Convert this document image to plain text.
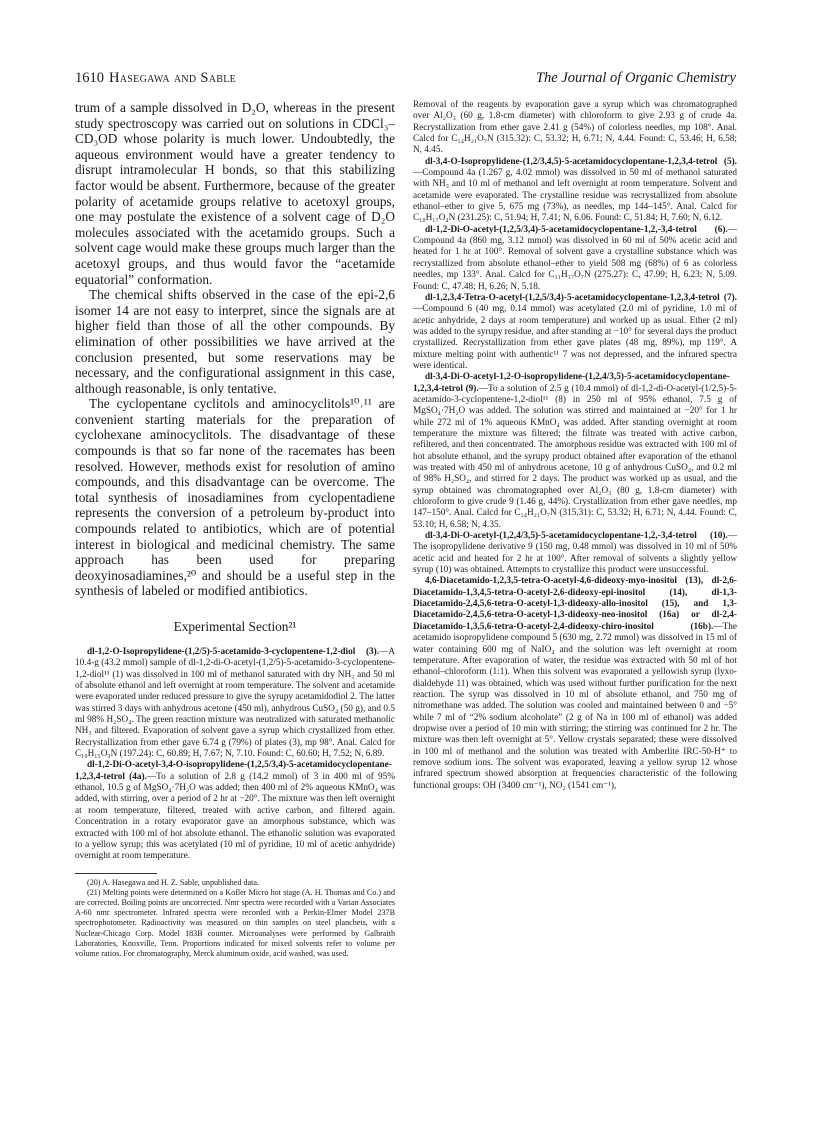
1610 Hasegawa and Sable	The Journal of Organic Chemistry

trum of a sample dissolved in D₂O, whereas in the present study spectroscopy was carried out on solutions in CDCl₃–CD₃OD whose polarity is much lower. Undoubtedly, the aqueous environment would have a greater tendency to disrupt intramolecular H bonds, so that this stabilizing factor would be absent. Furthermore, because of the greater polarity of acetamide groups relative to acetoxyl groups, one may postulate the existence of a solvent cage of D₂O molecules associated with the acetamido groups. Such a solvent cage would make these groups much larger than the acetoxyl groups, and thus would favor the “acetamide equatorial” conformation.

The chemical shifts observed in the case of the epi-2,6 isomer 14 are not easy to interpret, since the signals are at higher field than those of all the other compounds. By elimination of other possibilities we have arrived at the conclusion presented, but some reservations may be necessary, and the configurational assignment in this case, although reasonable, is only tentative.

The cyclopentane cyclitols and aminocyclitols¹⁰˒¹¹ are convenient starting materials for the preparation of cyclohexane aminocyclitols. The disadvantage of these compounds is that so far none of the racemates has been resolved. However, methods exist for resolution of amino compounds, and this disadvantage can be overcome. The total synthesis of inosadiamines from cyclopentadiene represents the conversion of a petroleum by-product into compounds related to antibiotics, which are of potential interest in biological and medicinal chemistry. The same approach has been used for preparing deoxyinosadiamines,²⁰ and should be a useful step in the synthesis of labeled or modified antibiotics.

Experimental Section²¹

dl-1,2-O-Isopropylidene-(1,2/5)-5-acetamido-3-cyclopentene-1,2-diol (3).—A 10.4-g (43.2 mmol) sample of dl-1,2-di-O-acetyl-(1,2/5)-5-acetamido-3-cyclopentene-1,2-diol¹¹ (1) was dissolved in 100 ml of methanol saturated with dry NH₃ and 50 ml of absolute ethanol and left overnight at room temperature. The solvent and acetamide were evaporated under reduced pressure to give the syrupy acetamidodiol 2. The latter was stirred 3 days with anhydrous acetone (450 ml), anhydrous CuSO₄ (50 g), and 0.5 ml 98% H₂SO₄. The green reaction mixture was neutralized with saturated methanolic NH₃ and filtered. Evaporation of solvent gave a syrup which crystallized from ether. Recrystallization from ether gave 6.74 g (79%) of plates (3), mp 98°. Anal. Calcd for C₁₀H₁₅O₃N (197.24): C, 60.89; H, 7.67; N, 7.10. Found: C, 60.60; H, 7.52; N, 6.89.

dl-1,2-Di-O-acetyl-3,4-O-isopropylidene-(1,2,5/3,4)-5-acetamidocyclopentane-1,2,3,4-tetrol (4a).—To a solution of 2.8 g (14.2 mmol) of 3 in 400 ml of 95% ethanol, 10.5 g of MgSO₄·7H₂O was added; then 400 ml of 2% aqueous KMnO₄ was added, with stirring, over a period of 2 hr at −20°. The mixture was then left overnight at room temperature, filtered, treated with active carbon, and filtered again. Concentration in a rotary evaporator gave an amorphous substance, which was extracted with 100 ml of hot absolute ethanol. The ethanolic solution was evaporated to a yellow syrup; this was acetylated (10 ml of pyridine, 10 ml of acetic anhydride) overnight at room temperature.

(20) A. Hasegawa and H. Z. Sable, unpublished data.

(21) Melting points were determined on a Kofler Micro hot stage (A. H. Thomas and Co.) and are corrected. Boiling points are uncorrected. Nmr spectra were recorded with a Varian Associates A-60 nmr spectrometer. Infrared spectra were recorded with a Perkin-Elmer Model 237B spectrophotometer. Radioactivity was measured on thin samples on steel planchets, with a Nuclear-Chicago Corp. Model 183B counter. Microanalyses were performed by Galbraith Laboratories, Knoxville, Tenn. Proportions indicated for mixed solvents refer to volume per volume ratios. For chromatography, Merck aluminum oxide, acid washed, was used.

Removal of the reagents by evaporation gave a syrup which was chromatographed over Al₂O₃ (60 g, 1.8-cm diameter) with chloroform to give 2.93 g of crude 4a. Recrystallization from ether gave 2.41 g (54%) of colorless needles, mp 108°. Anal. Calcd for C₁₄H₂₁O₇N (315.32): C, 53.32; H, 6.71; N, 4.44. Found: C, 53.46; H, 6.58; N, 4.45.

dl-3,4-O-Isopropylidene-(1,2/3,4,5)-5-acetamidocyclopentane-1,2,3,4-tetrol (5).—Compound 4a (1.267 g, 4.02 mmol) was dissolved in 50 ml of methanol saturated with NH₃ and 10 ml of methanol and left overnight at room temperature. Solvent and acetamide were evaporated. The crystalline residue was recrystallized from absolute ethanol–ether to give 5, 675 mg (73%), as needles, mp 144–145°. Anal. Calcd for C₁₀H₁₇O₄N (231.25): C, 51.94; H, 7.41; N, 6.06. Found: C, 51.84; H, 7.60; N, 6.12.

dl-1,2-Di-O-acetyl-(1,2,5/3,4)-5-acetamidocyclopentane-1,2,-3,4-tetrol (6).—Compound 4a (860 mg, 3.12 mmol) was dissolved in 60 ml of 50% acetic acid and heated for 1 hr at 100°. Removal of solvent gave a crystalline substance which was recrystallized from absolute ethanol–ether to yield 508 mg (68%) of 6 as colorless needles, mp 133°. Anal. Calcd for C₁₁H₁₇O₇N (275.27): C, 47.99; H, 6.23; N, 5.09. Found: C, 47.48; H, 6.26; N, 5.18.

dl-1,2,3,4-Tetra-O-acetyl-(1,2,5/3,4)-5-acetamidocyclopentane-1,2,3,4-tetrol (7).—Compound 6 (40 mg, 0.14 mmol) was acetylated (2.0 ml of pyridine, 1.0 ml of acetic anhydride, 2 days at room temperature) and worked up as usual. Ether (2 ml) was added to the syrupy residue, and after standing at −10° for several days the product crystallized. Recrystallization from ether gave plates (48 mg, 89%), mp 119°. A mixture melting point with authentic¹¹ 7 was not depressed, and the infrared spectra were identical.

dl-3,4-Di-O-acetyl-1,2-O-isopropylidene-(1,2,4/3,5)-5-acetamidocyclopentane-1,2,3,4-tetrol (9).—To a solution of 2.5 g (10.4 mmol) of dl-1,2-di-O-acetyl-(1/2,5)-5-acetamido-3-cyclopentene-1,2-diol¹¹ (8) in 250 ml of 95% ethanol, 7.5 g of MgSO₄·7H₂O was added. The solution was stirred and maintained at −20° for 1 hr while 272 ml of 1% aqueous KMnO₄ was added. After standing overnight at room temperature the mixture was filtered; the filtrate was treated with active carbon, refiltered, and then concentrated. The amorphous residue was extracted with 100 ml of hot absolute ethanol, and the syrupy product obtained after evaporation of the ethanol was treated with 450 ml of anhydrous acetone, 10 g of anhydrous CuSO₄, and 0.2 ml of 98% H₂SO₄, and stirred for 2 days. The product was worked up as usual, and the syrup obtained was chromatographed over Al₂O₃ (80 g, 1.8-cm diameter) with chloroform to give crude 9 (1.46 g, 44%). Crystallization from ether gave needles, mp 147–150°. Anal. Calcd for C₁₄H₂₁O₇N (315.31): C, 53.32; H, 6.71; N, 4.44. Found: C, 53.10; H, 6.58; N, 4.35.

dl-3,4-Di-O-acetyl-(1,2,4/3,5)-5-acetamidocyclopentane-1,2,-3,4-tetrol (10).—The isopropylidene derivative 9 (150 mg, 0.48 mmol) was dissolved in 10 ml of 50% acetic acid and heated for 2 hr at 100°. After removal of solvents a slightly yellow syrup (10) was obtained. Attempts to crystallize this product were unsuccessful.

4,6-Diacetamido-1,2,3,5-tetra-O-acetyl-4,6-dideoxy-myo-inositol (13), dl-2,6-Diacetamido-1,3,4,5-tetra-O-acetyl-2,6-dideoxy-epi-inositol (14), dl-1,3-Diacetamido-2,4,5,6-tetra-O-acetyl-1,3-dideoxy-allo-inositol (15), and 1,3-Diacetamido-2,4,5,6-tetra-O-acetyl-1,3-dideoxy-neo-inositol (16a) or dl-2,4-Diacetamido-1,3,5,6-tetra-O-acetyl-2,4-dideoxy-chiro-inositol (16b).—The acetamido isopropylidene compound 5 (630 mg, 2.72 mmol) was dissolved in 15 ml of water containing 600 mg of NaIO₄ and the solution was left overnight at room temperature. After evaporation of water, the residue was extracted with 50 ml of hot ethanol–chloroform (1:1). When this solvent was evaporated a yellowish syrup (lyxo-dialdehyde 11) was obtained, which was used without further purification for the next reaction. The syrup was dissolved in 10 ml of absolute ethanol, and 750 mg of nitromethane was added. The solution was cooled and maintained between 0 and −5° while 7 ml of “2% sodium alcoholate” (2 g of Na in 100 ml of ethanol) was added dropwise over a period of 10 min with stirring; the stirring was continued for 2 hr. The mixture was then left overnight at 5°. Yellow crystals separated; these were dissolved in 100 ml of methanol and the solution was treated with Amberlite IRC-50-H⁺ to remove sodium ions. The solvent was evaporated, leaving a yellow syrup 12 whose infrared spectrum showed absorption at frequencies characteristic of the following functional groups: OH (3400 cm⁻¹), NO₂ (1541 cm⁻¹),
